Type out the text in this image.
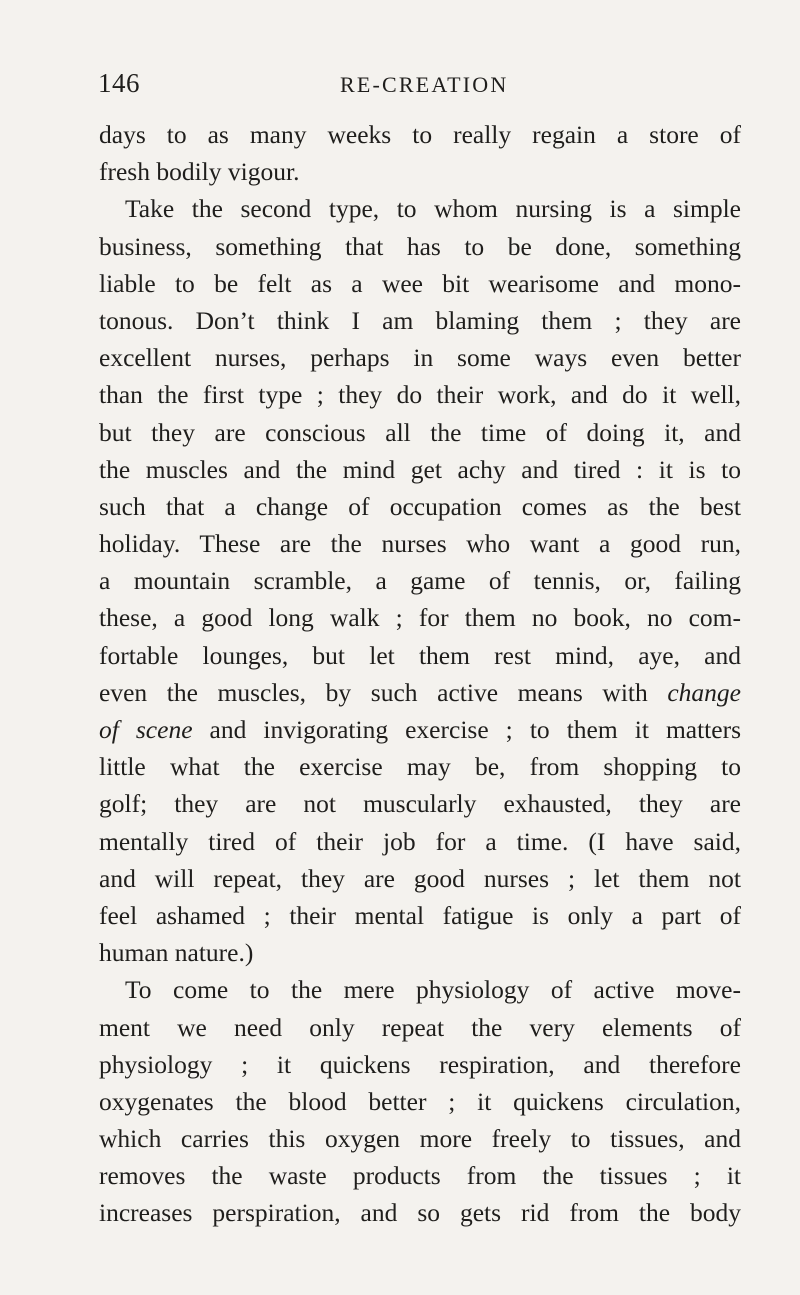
146	RE-CREATION
days to as many weeks to really regain a store of
fresh bodily vigour.
Take the second type, to whom nursing is a simple
business, something that has to be done, something
liable to be felt as a wee bit wearisome and mono-
tonous. Don’t think I am blaming them ; they are
excellent nurses, perhaps in some ways even better
than the first type ; they do their work, and do it well,
but they are conscious all the time of doing it, and
the muscles and the mind get achy and tired : it is to
such that a change of occupation comes as the best
holiday. These are the nurses who want a good run,
a mountain scramble, a game of tennis, or, failing
these, a good long walk ; for them no book, no com-
fortable lounges, but let them rest mind, aye, and
even the muscles, by such active means with change
of scene and invigorating exercise ; to them it matters
little what the exercise may be, from shopping to
golf; they are not muscularly exhausted, they are
mentally tired of their job for a time. (I have said,
and will repeat, they are good nurses ; let them not
feel ashamed ; their mental fatigue is only a part of
human nature.)
To come to the mere physiology of active move-
ment we need only repeat the very elements of
physiology ; it quickens respiration, and therefore
oxygenates the blood better ; it quickens circulation,
which carries this oxygen more freely to tissues, and
removes the waste products from the tissues ; it
increases perspiration, and so gets rid from the body
